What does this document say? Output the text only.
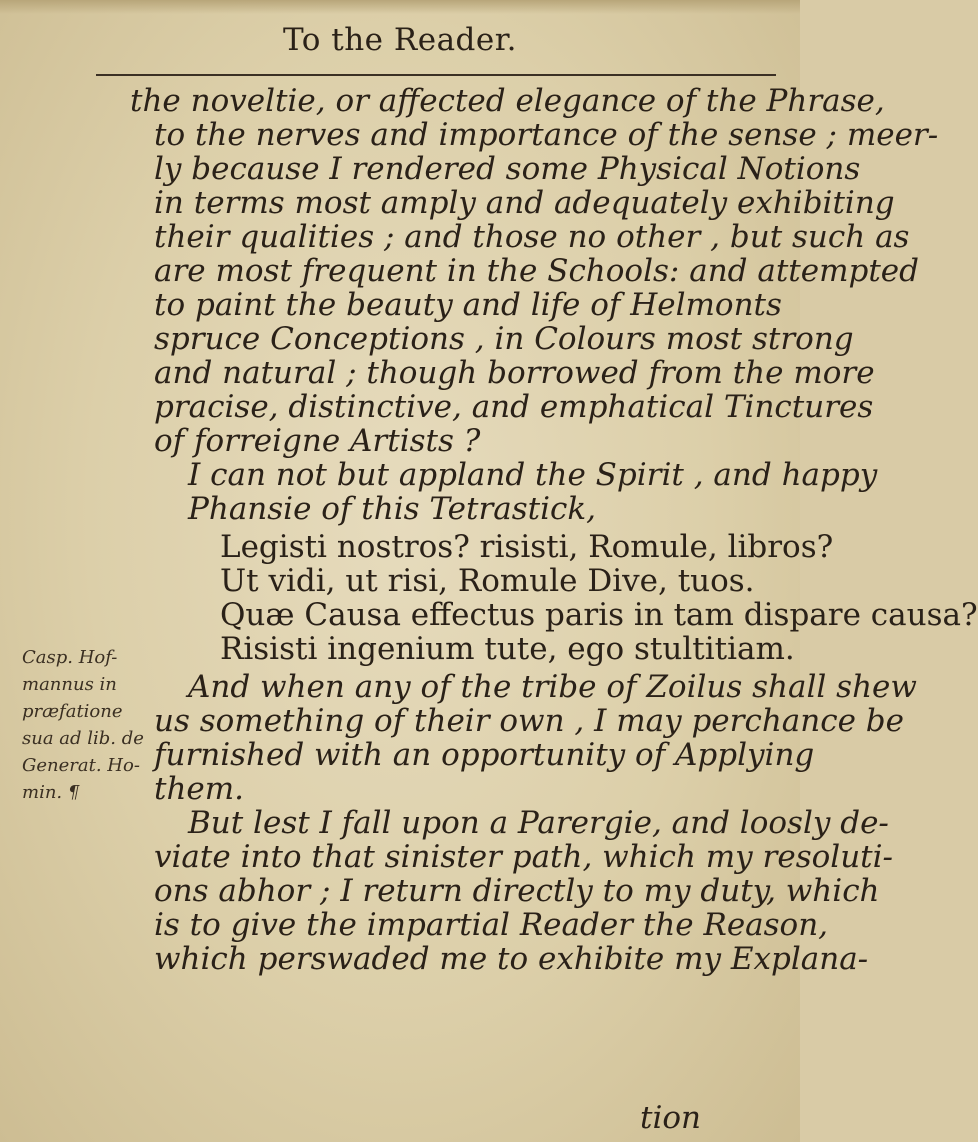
To the Reader.
Casp. Hof-
mannus in
præfatione
sua ad lib. de
Generat. Ho-
min. ¶
the noveltie, or affected elegance of the Phrase,
to the nerves and importance of the sense ; meer-
ly because I rendered some Physical Notions
in terms most amply and adequately exhibiting
their qualities ; and those no other , but such as
are most frequent in the Schools: and attempted
to paint the beauty and life of Helmonts
spruce Conceptions , in Colours most strong
and natural ; though borrowed from the more
pracise, distinctive, and emphatical Tinctures
of forreigne Artists ?
I can not but appland the Spirit , and happy
Phansie of this Tetrastick,
Legisti nostros? risisti, Romule, libros?
Ut vidi, ut risi, Romule Dive, tuos.
Quæ Causa effectus paris in tam dispare causa?
Risisti ingenium tute, ego stultitiam.
And when any of the tribe of Zoilus shall shew
us something of their own , I may perchance be
furnished with an opportunity of Applying
them.
But lest I fall upon a Parergie, and loosly de-
viate into that sinister path, which my resoluti-
ons abhor ; I return directly to my duty, which
is to give the impartial Reader the Reason,
which perswaded me to exhibite my Explana-
tion
